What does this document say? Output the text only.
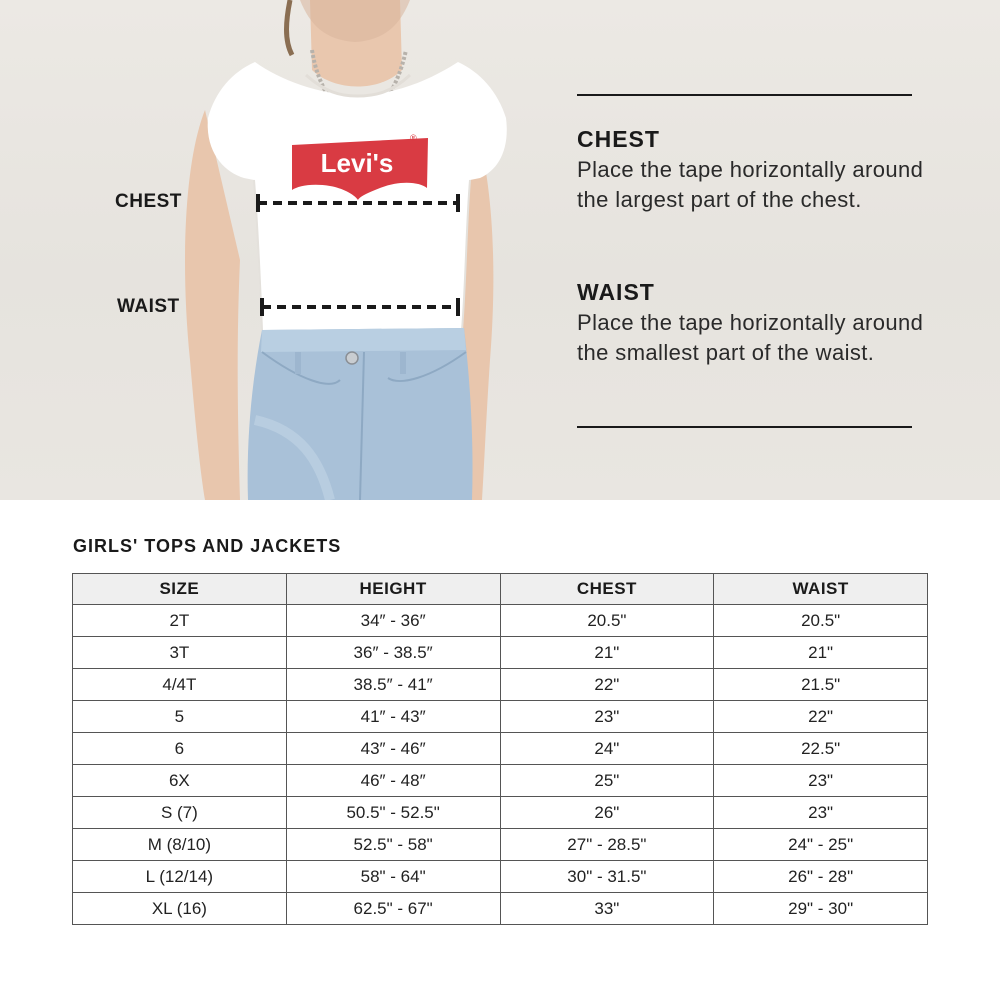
Levi's
®
CHEST
WAIST
CHEST
Place the tape horizontally around the largest part of the chest.
WAIST
Place the tape horizontally around the smallest part of the waist.
GIRLS' TOPS AND JACKETS
SIZE	HEIGHT	CHEST	WAIST
2T	34″ - 36″	20.5"	20.5"
3T	36″ - 38.5″	21"	21"
4/4T	38.5″ - 41″	22"	21.5"
5	41″ - 43″	23"	22"
6	43″ - 46″	24"	22.5"
6X	46″ - 48″	25"	23"
S (7)	50.5" - 52.5"	26"	23"
M (8/10)	52.5" - 58"	27" - 28.5"	24" - 25"
L (12/14)	58" - 64"	30" - 31.5"	26" - 28"
XL (16)	62.5" - 67"	33"	29" - 30"
